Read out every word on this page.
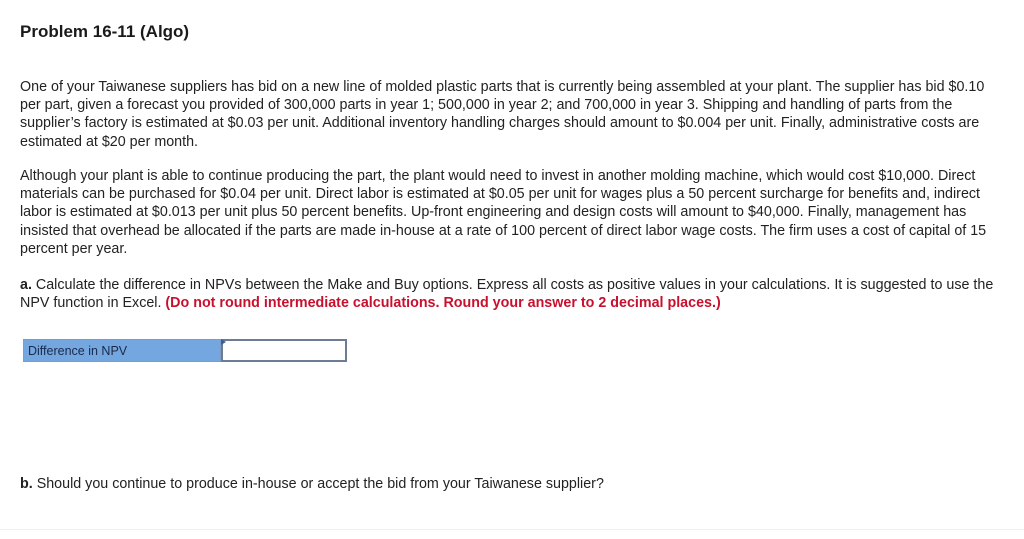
Problem 16-11 (Algo)

One of your Taiwanese suppliers has bid on a new line of molded plastic parts that is currently being assembled at your plant. The supplier has bid $0.10 per part, given a forecast you provided of 300,000 parts in year 1; 500,000 in year 2; and 700,000 in year 3. Shipping and handling of parts from the supplier’s factory is estimated at $0.03 per unit. Additional inventory handling charges should amount to $0.004 per unit. Finally, administrative costs are estimated at $20 per month.

Although your plant is able to continue producing the part, the plant would need to invest in another molding machine, which would cost $10,000. Direct materials can be purchased for $0.04 per unit. Direct labor is estimated at $0.05 per unit for wages plus a 50 percent surcharge for benefits and, indirect labor is estimated at $0.013 per unit plus 50 percent benefits. Up-front engineering and design costs will amount to $40,000. Finally, management has insisted that overhead be allocated if the parts are made in-house at a rate of 100 percent of direct labor wage costs. The firm uses a cost of capital of 15 percent per year.

a. Calculate the difference in NPVs between the Make and Buy options. Express all costs as positive values in your calculations. It is suggested to use the NPV function in Excel. (Do not round intermediate calculations. Round your answer to 2 decimal places.)

Difference in NPV

b. Should you continue to produce in-house or accept the bid from your Taiwanese supplier?
